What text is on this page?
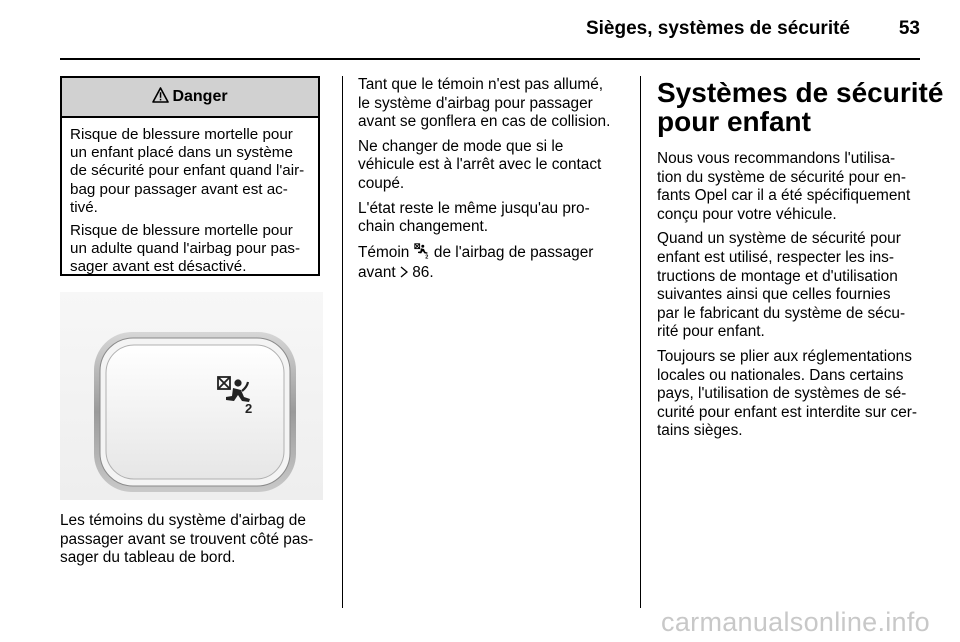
Sièges, systèmes de sécurité	53
Danger

Risque de blessure mortelle pour
un enfant placé dans un système
de sécurité pour enfant quand l'air-
bag pour passager avant est ac-
tivé.

Risque de blessure mortelle pour
un adulte quand l'airbag pour pas-
sager avant est désactivé.

2

Les témoins du système d'airbag de
passager avant se trouvent côté pas-
sager du tableau de bord.

Tant que le témoin n'est pas allumé,
le système d'airbag pour passager
avant se gonflera en cas de collision.

Ne changer de mode que si le
véhicule est à l'arrêt avec le contact
coupé.

L'état reste le même jusqu'au pro-
chain changement.

Témoin 2 de l'airbag de passager
avant 86.

Systèmes de sécurité
pour enfant

Nous vous recommandons l'utilisa-
tion du système de sécurité pour en-
fants Opel car il a été spécifiquement
conçu pour votre véhicule.

Quand un système de sécurité pour
enfant est utilisé, respecter les ins-
tructions de montage et d'utilisation
suivantes ainsi que celles fournies
par le fabricant du système de sécu-
rité pour enfant.

Toujours se plier aux réglementations
locales ou nationales. Dans certains
pays, l'utilisation de systèmes de sé-
curité pour enfant est interdite sur cer-
tains sièges.

carmanualsonline.info
